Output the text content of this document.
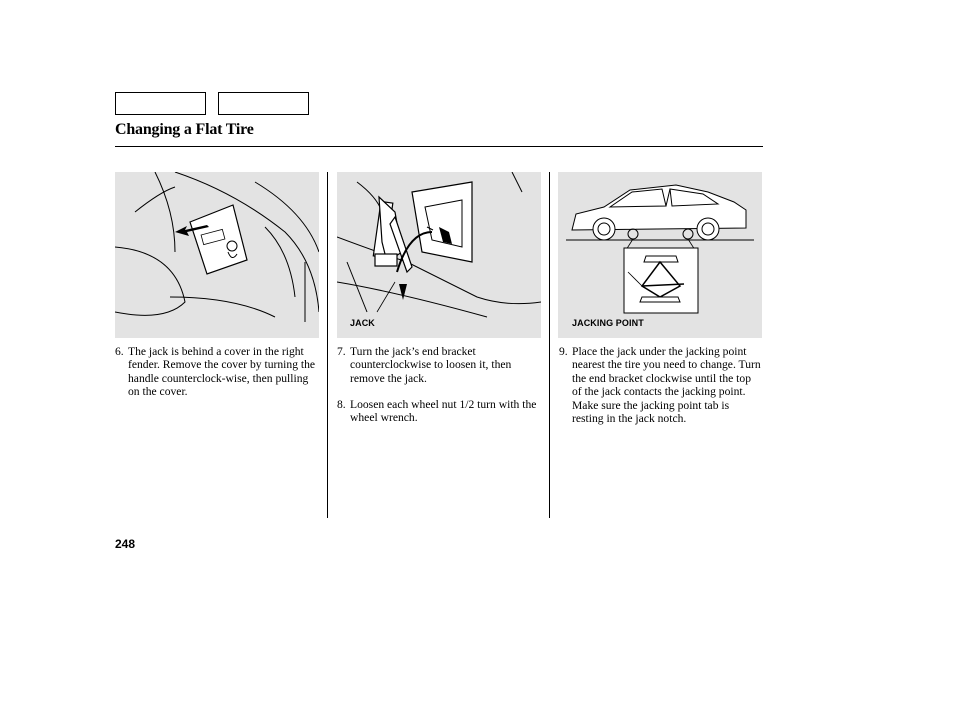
Changing a Flat Tire
JACK	JACKING POINT
6. The jack is behind a cover in the right fender. Remove the cover by turning the handle counterclock-wise, then pulling on the cover.
7. Turn the jack’s end bracket counterclockwise to loosen it, then remove the jack.
8. Loosen each wheel nut 1/2 turn with the wheel wrench.
9. Place the jack under the jacking point nearest the tire you need to change. Turn the end bracket clockwise until the top of the jack contacts the jacking point. Make sure the jacking point tab is resting in the jack notch.
248
